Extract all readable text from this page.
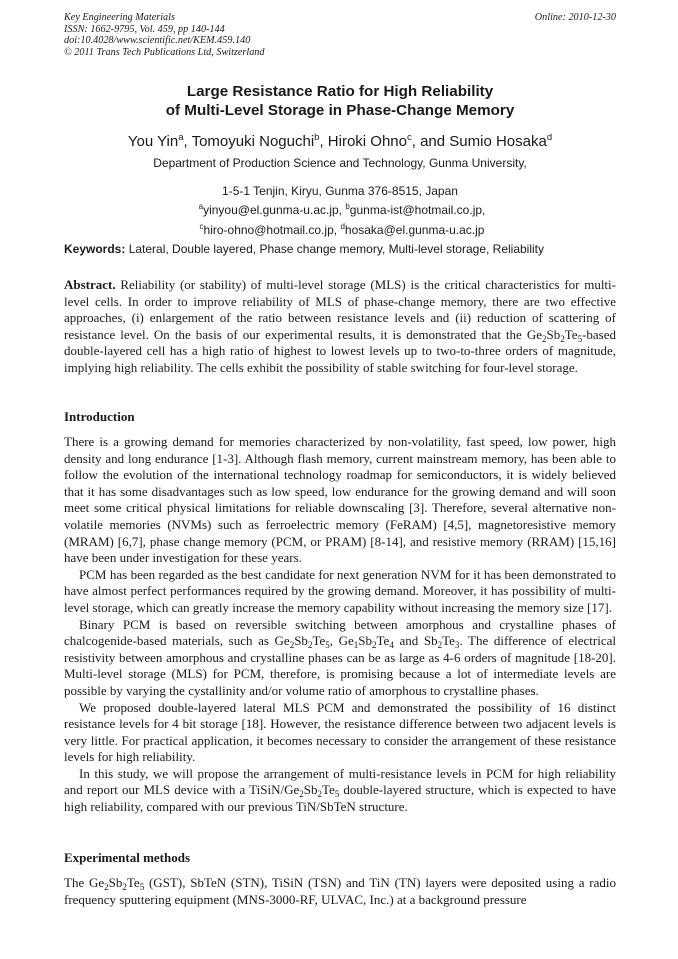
Key Engineering Materials
ISSN: 1662-9795, Vol. 459, pp 140-144
doi:10.4028/www.scientific.net/KEM.459.140
© 2011 Trans Tech Publications Ltd, Switzerland
Online: 2010-12-30
Large Resistance Ratio for High Reliability
of Multi-Level Storage in Phase-Change Memory
You Yin$^a$, Tomoyuki Noguchi$^b$, Hiroki Ohno$^c$, and Sumio Hosaka$^d$
Department of Production Science and Technology, Gunma University,
1-5-1 Tenjin, Kiryu, Gunma 376-8515, Japan
$^a$yinyou@el.gunma-u.ac.jp, $^b$gunma-ist@hotmail.co.jp,
$^c$hiro-ohno@hotmail.co.jp, $^d$hosaka@el.gunma-u.ac.jp
Keywords: Lateral, Double layered, Phase change memory, Multi-level storage, Reliability

Abstract. Reliability (or stability) of multi-level storage (MLS) is the critical characteristics for multi-level cells. In order to improve reliability of MLS of phase-change memory, there are two effective approaches, (i) enlargement of the ratio between resistance levels and (ii) reduction of scattering of resistance level. On the basis of our experimental results, it is demonstrated that the $Ge_2Sb_2Te_5$-based double-layered cell has a high ratio of highest to lowest levels up to two-to-three orders of magnitude, implying high reliability. The cells exhibit the possibility of stable switching for four-level storage.

Introduction

There is a growing demand for memories characterized by non-volatility, fast speed, low power, high density and long endurance [1-3]. Although flash memory, current mainstream memory, has been able to follow the evolution of the international technology roadmap for semiconductors, it is widely believed that it has some disadvantages such as low speed, low endurance for the growing demand and will soon meet some critical physical limitations for reliable downscaling [3]. Therefore, several alternative non-volatile memories (NVMs) such as ferroelectric memory (FeRAM) [4,5], magnetoresistive memory (MRAM) [6,7], phase change memory (PCM, or PRAM) [8-14], and resistive memory (RRAM) [15,16] have been under investigation for these years.

PCM has been regarded as the best candidate for next generation NVM for it has been demonstrated to have almost perfect performances required by the growing demand. Moreover, it has possibility of multi-level storage, which can greatly increase the memory capability without increasing the memory size [17].

Binary PCM is based on reversible switching between amorphous and crystalline phases of chalcogenide-based materials, such as $Ge_2Sb_2Te_5$, $Ge_1Sb_2Te_4$ and $Sb_2Te_3$. The difference of electrical resistivity between amorphous and crystalline phases can be as large as 4-6 orders of magnitude [18-20]. Multi-level storage (MLS) for PCM, therefore, is promising because a lot of intermediate levels are possible by varying the cystallinity and/or volume ratio of amorphous to crystalline phases.

We proposed double-layered lateral MLS PCM and demonstrated the possibility of 16 distinct resistance levels for 4 bit storage [18]. However, the resistance difference between two adjacent levels is very little. For practical application, it becomes necessary to consider the arrangement of these resistance levels for high reliability.

In this study, we will propose the arrangement of multi-resistance levels in PCM for high reliability and report our MLS device with a TiSiN/$Ge_2Sb_2Te_5$ double-layered structure, which is expected to have high reliability, compared with our previous TiN/SbTeN structure.

Experimental methods

The $Ge_2Sb_2Te_5$ (GST), SbTeN (STN), TiSiN (TSN) and TiN (TN) layers were deposited using a radio frequency sputtering equipment (MNS-3000-RF, ULVAC, Inc.) at a background pressure
